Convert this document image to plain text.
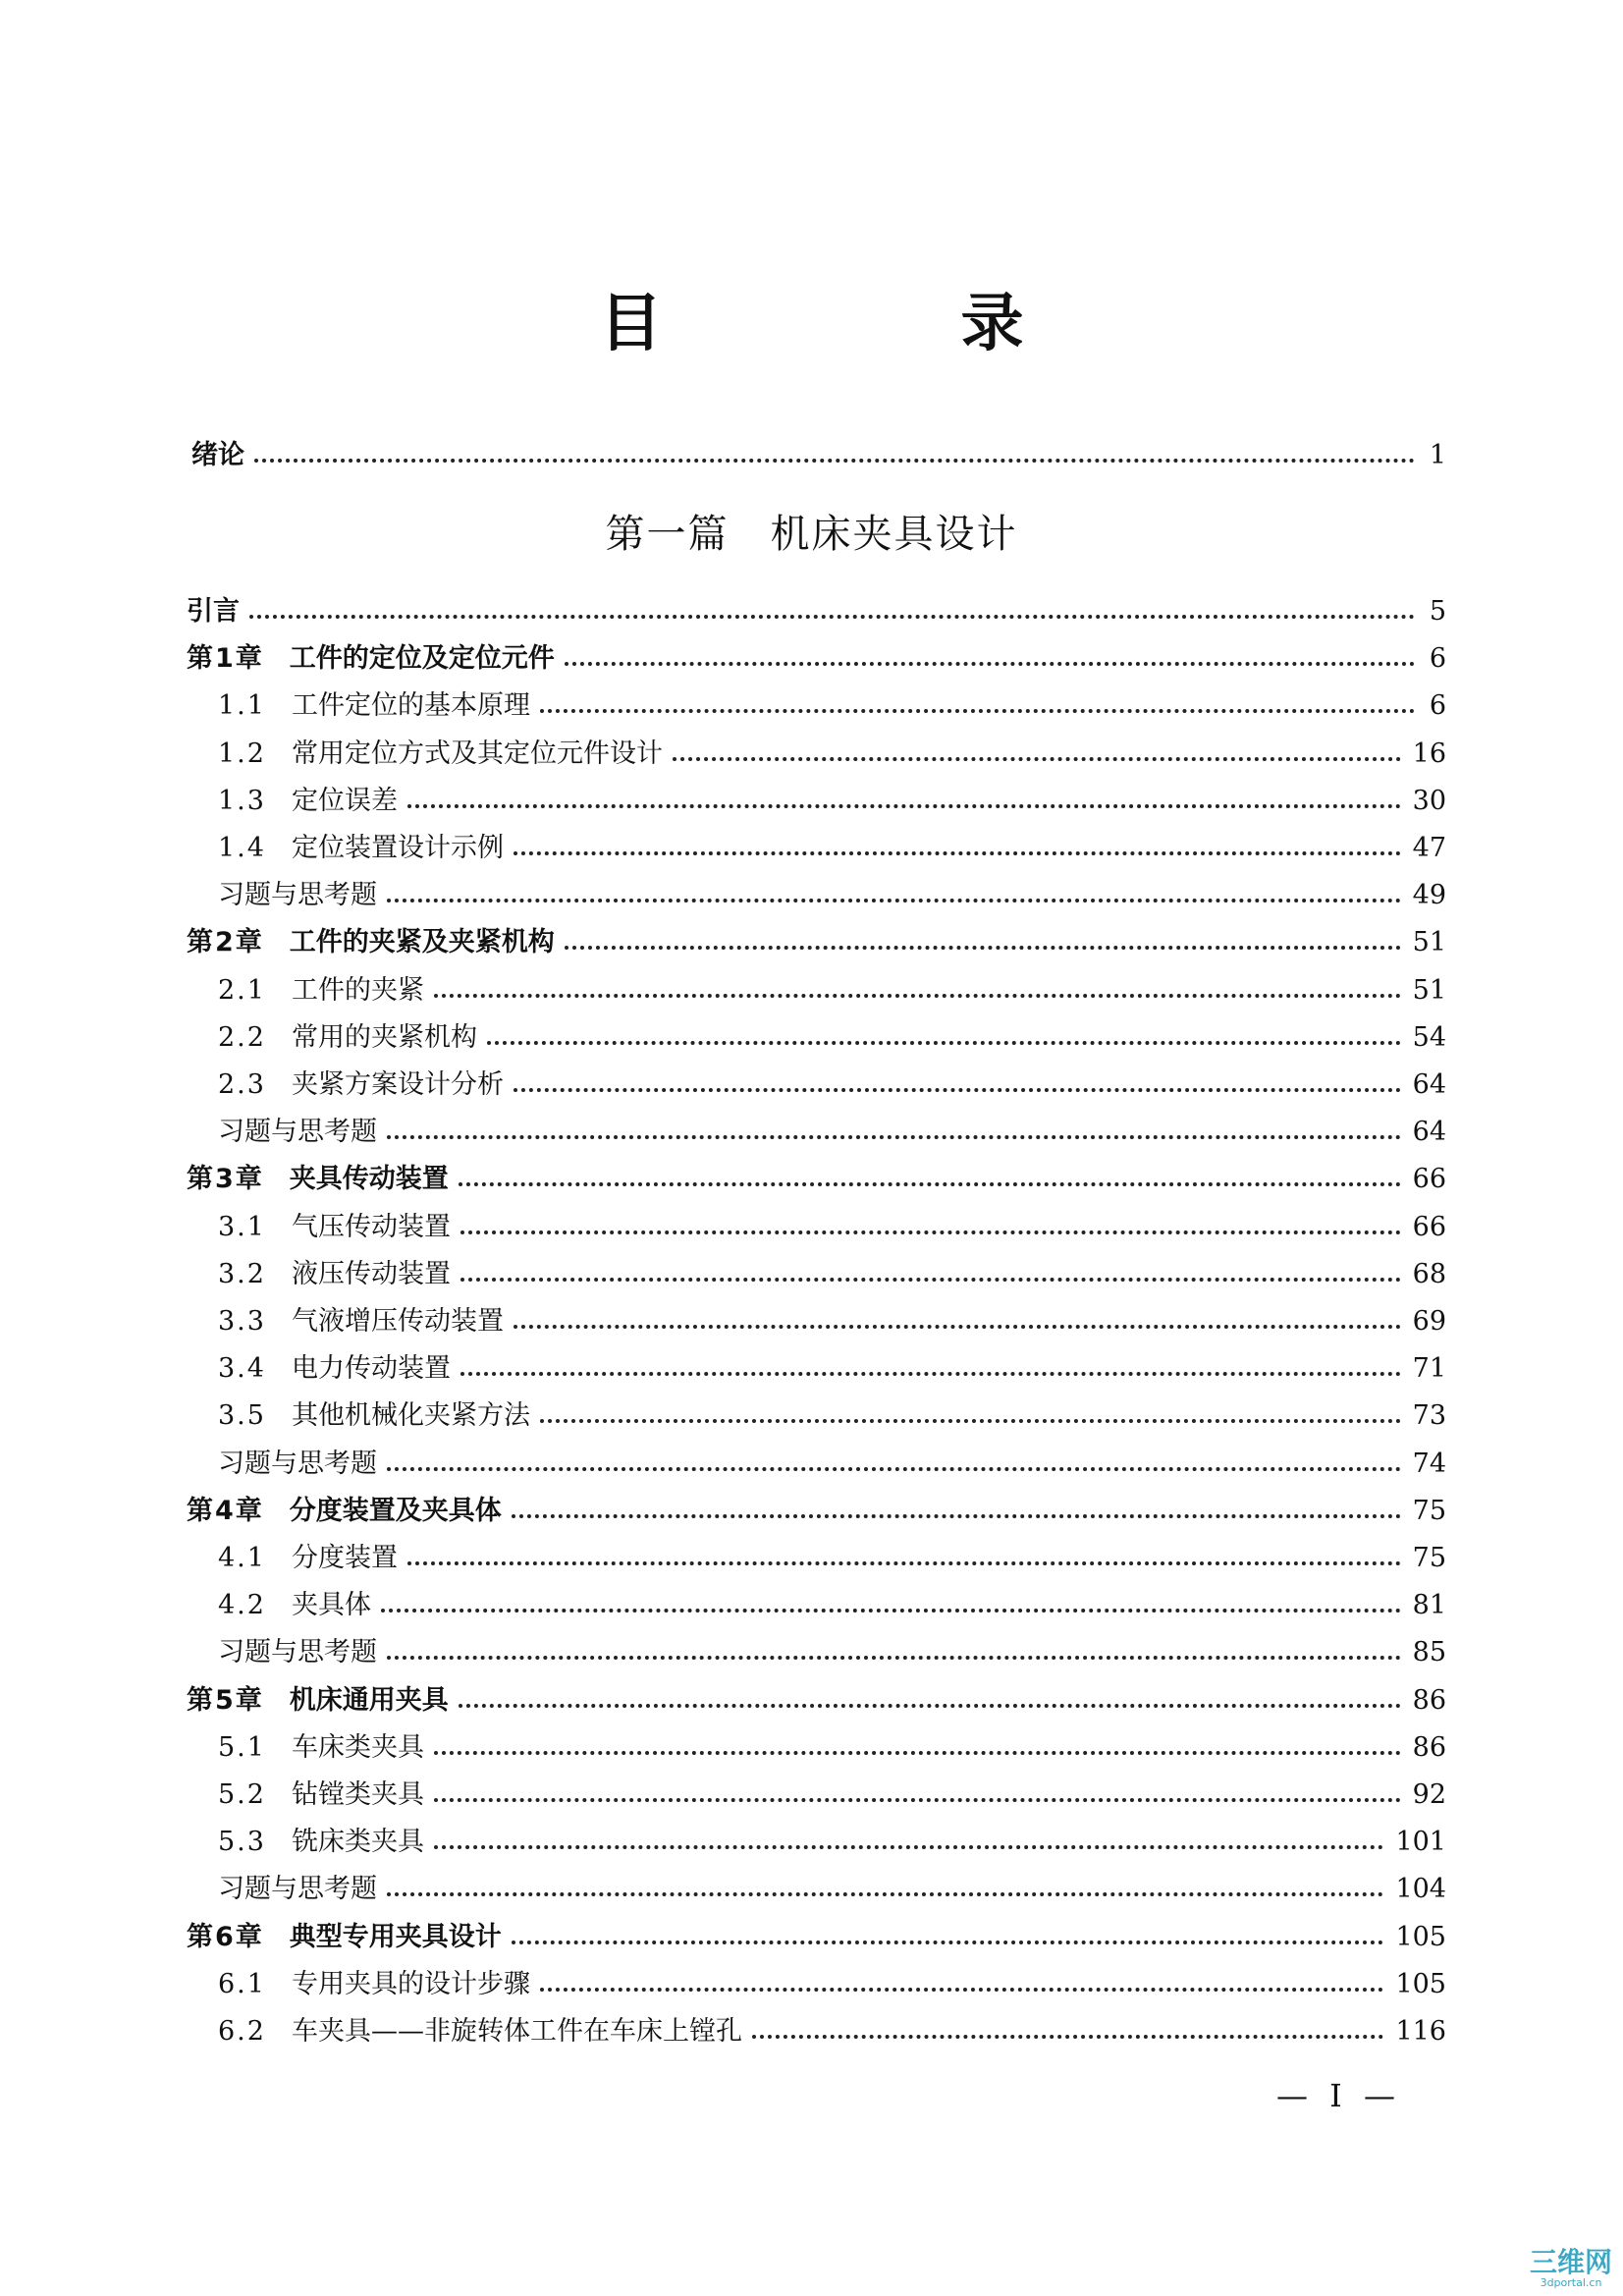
目　录
绪论	1
第一篇　机床夹具设计
引言	5
第1章 工件的定位及定位元件	6
1.1 工件定位的基本原理	6
1.2 常用定位方式及其定位元件设计	16
1.3 定位误差	30
1.4 定位装置设计示例	47
习题与思考题	49
第2章 工件的夹紧及夹紧机构	51
2.1 工件的夹紧	51
2.2 常用的夹紧机构	54
2.3 夹紧方案设计分析	64
习题与思考题	64
第3章 夹具传动装置	66
3.1 气压传动装置	66
3.2 液压传动装置	68
3.3 气液增压传动装置	69
3.4 电力传动装置	71
3.5 其他机械化夹紧方法	73
习题与思考题	74
第4章 分度装置及夹具体	75
4.1 分度装置	75
4.2 夹具体	81
习题与思考题	85
第5章 机床通用夹具	86
5.1 车床类夹具	86
5.2 钻镗类夹具	92
5.3 铣床类夹具	101
习题与思考题	104
第6章 典型专用夹具设计	105
6.1 专用夹具的设计步骤	105
6.2 车夹具——非旋转体工件在车床上镗孔	116
— I —
三维网
3dportal.cn
